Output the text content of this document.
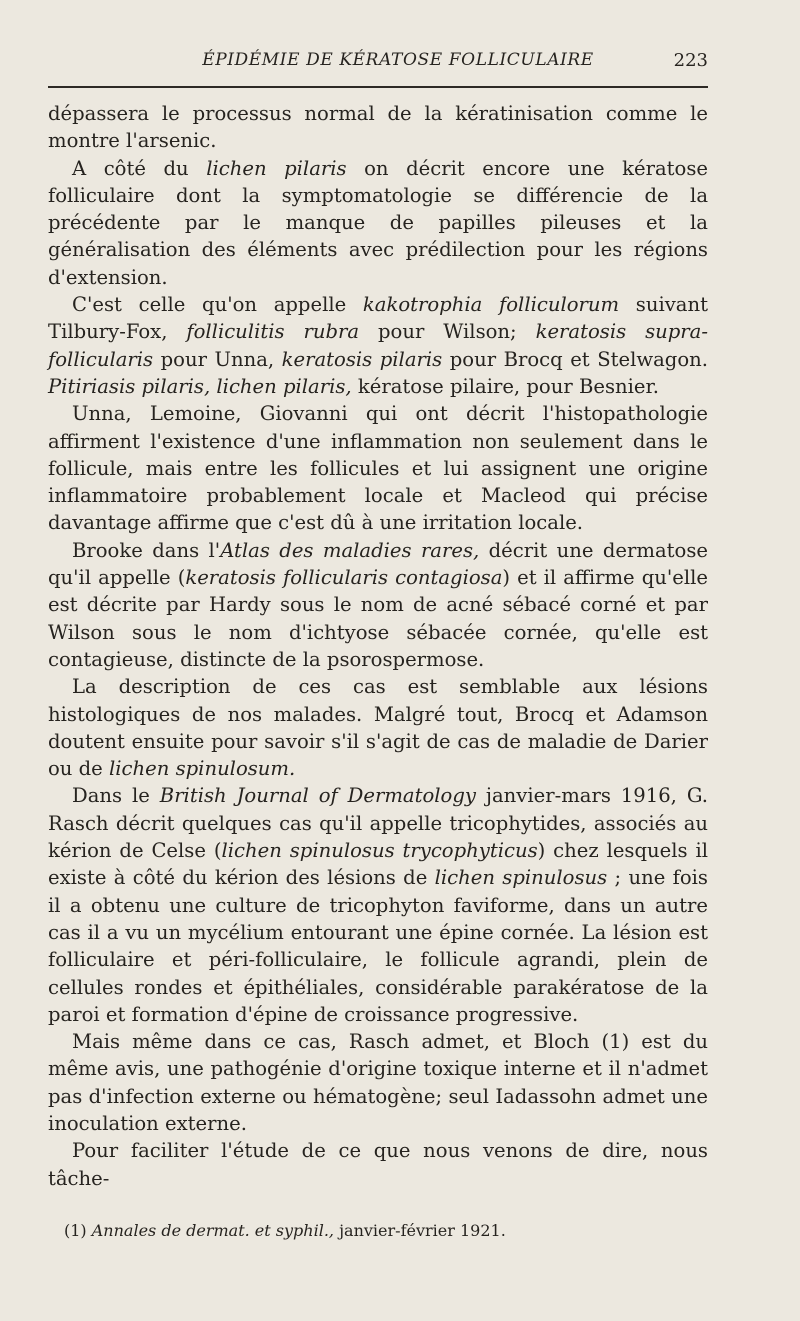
ÉPIDÉMIE DE KÉRATOSE FOLLICULAIRE	223

dépassera le processus normal de la kératinisation comme le montre l'arsenic.

A côté du lichen pilaris on décrit encore une kératose folliculaire dont la symptomatologie se différencie de la précédente par le manque de papilles pileuses et la généralisation des éléments avec prédilection pour les régions d'extension.

C'est celle qu'on appelle kakotrophia folliculorum suivant Tilbury-Fox, folliculitis rubra pour Wilson; keratosis supra-follicularis pour Unna, keratosis pilaris pour Brocq et Stelwagon. Pitiriasis pilaris, lichen pilaris, kératose pilaire, pour Besnier.

Unna, Lemoine, Giovanni qui ont décrit l'histopathologie affirment l'existence d'une inflammation non seulement dans le follicule, mais entre les follicules et lui assignent une origine inflammatoire probablement locale et Macleod qui précise davantage affirme que c'est dû à une irritation locale.

Brooke dans l'Atlas des maladies rares, décrit une dermatose qu'il appelle (keratosis follicularis contagiosa) et il affirme qu'elle est décrite par Hardy sous le nom de acné sébacé corné et par Wilson sous le nom d'ichtyose sébacée cornée, qu'elle est contagieuse, distincte de la psorospermose.

La description de ces cas est semblable aux lésions histologiques de nos malades. Malgré tout, Brocq et Adamson doutent ensuite pour savoir s'il s'agit de cas de maladie de Darier ou de lichen spinulosum.

Dans le British Journal of Dermatology janvier-mars 1916, G. Rasch décrit quelques cas qu'il appelle tricophytides, associés au kérion de Celse (lichen spinulosus trycophyticus) chez lesquels il existe à côté du kérion des lésions de lichen spinulosus ; une fois il a obtenu une culture de tricophyton faviforme, dans un autre cas il a vu un mycélium entourant une épine cornée. La lésion est folliculaire et péri-folliculaire, le follicule agrandi, plein de cellules rondes et épithéliales, considérable parakératose de la paroi et formation d'épine de croissance progressive.

Mais même dans ce cas, Rasch admet, et Bloch (1) est du même avis, une pathogénie d'origine toxique interne et il n'admet pas d'infection externe ou hématogène; seul Iadassohn admet une inoculation externe.

Pour faciliter l'étude de ce que nous venons de dire, nous tâche-

(1) Annales de dermat. et syphil., janvier-février 1921.
